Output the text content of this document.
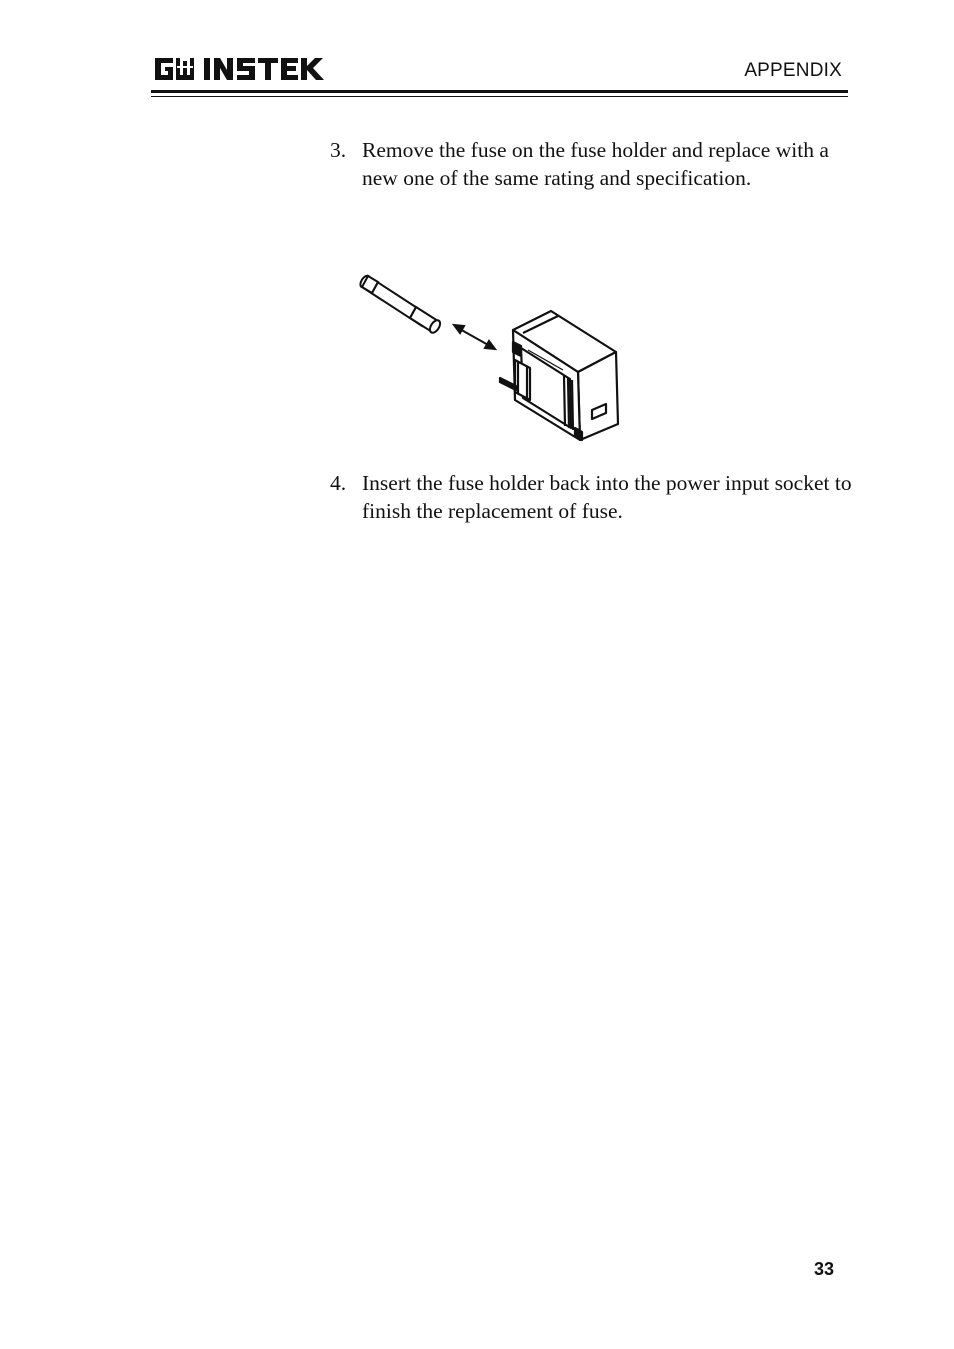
APPENDIX
3. Remove the fuse on the fuse holder and replace with a new one of the same rating and specification.
4. Insert the fuse holder back into the power input socket to finish the replacement of fuse.
33
